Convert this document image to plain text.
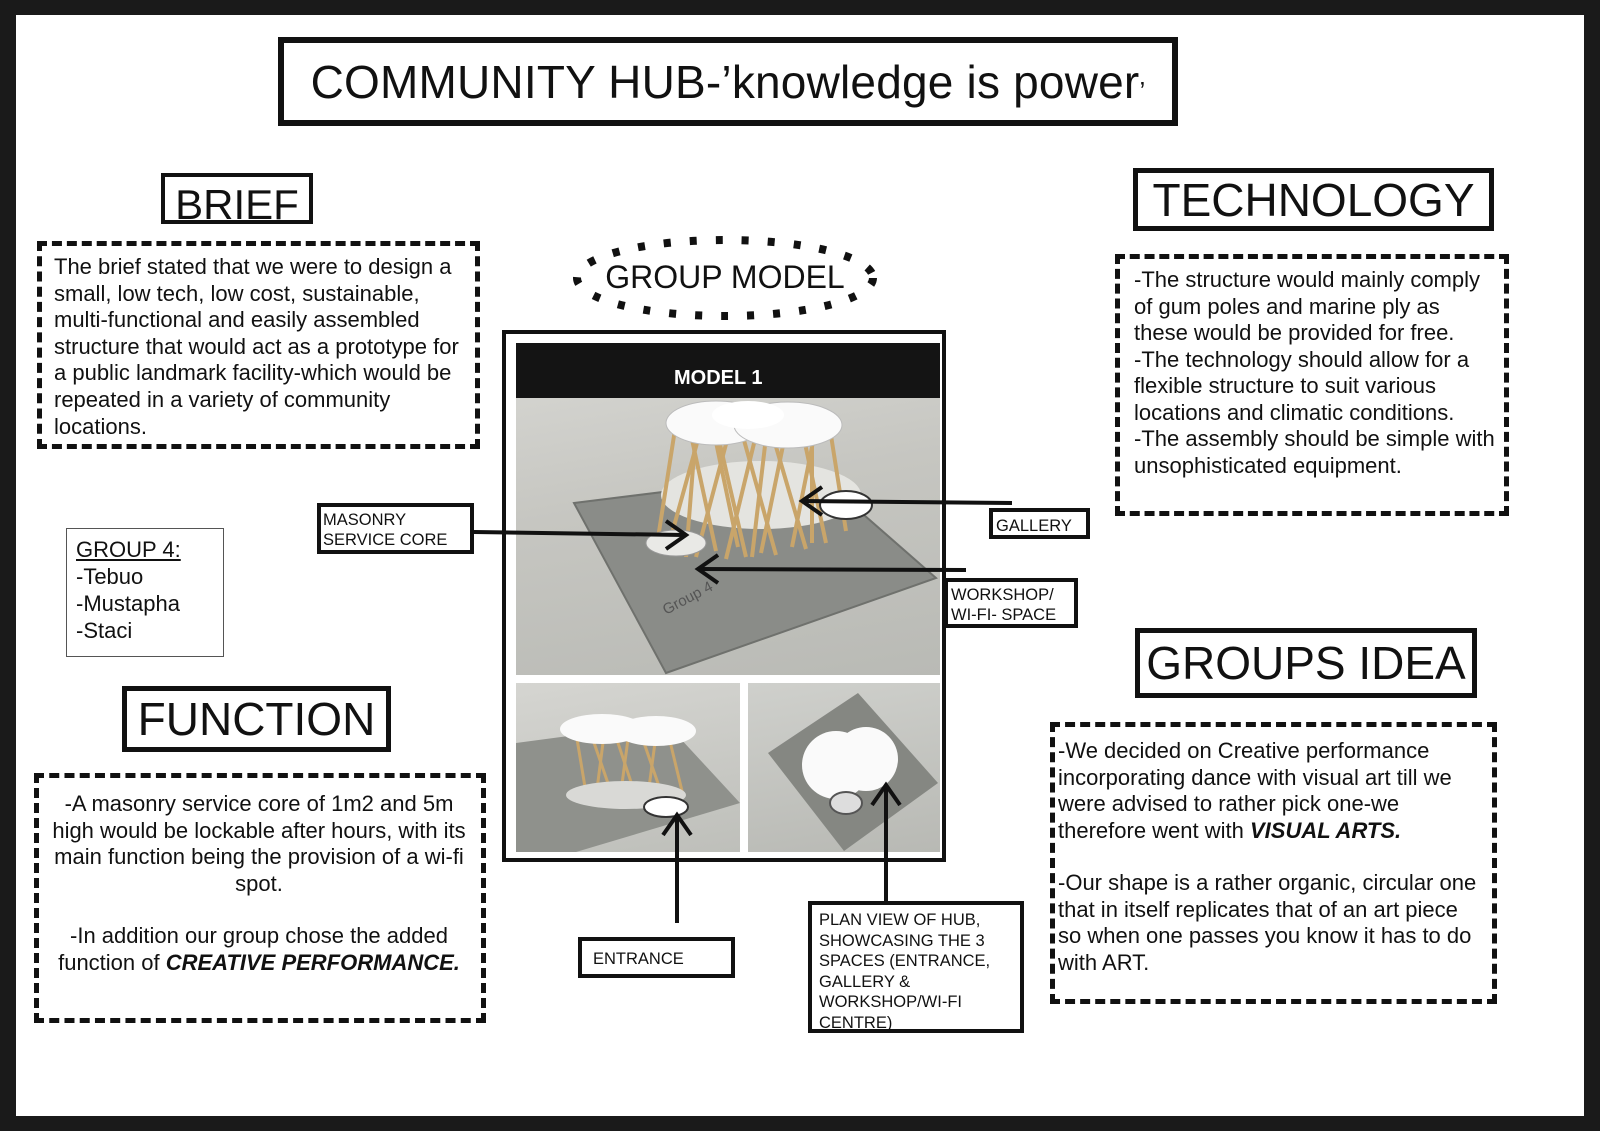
COMMUNITY HUB-’knowledge is power’
BRIEF
The brief stated that we were to design a small, low tech, low cost, sustainable, multi-functional and easily assembled structure that would act as a prototype for a public landmark facility-which would be repeated in a variety of community locations.
GROUP 4:
-Tebuo
-Mustapha
-Staci
FUNCTION
-A masonry service core of 1m2 and 5m high would be lockable after hours, with its main function being the provision of a wi-fi spot.
-In addition our group chose the added function of CREATIVE PERFORMANCE.
GROUP MODEL
MODEL 1
Group 4
MASONRY SERVICE CORE
GALLERY
WORKSHOP/ WI-FI- SPACE
ENTRANCE
PLAN VIEW OF HUB, SHOWCASING THE 3 SPACES (ENTRANCE, GALLERY & WORKSHOP/WI-FI CENTRE)
TECHNOLOGY
-The structure would mainly comply of gum poles and marine ply as these would be provided for free.
-The technology should allow for a flexible structure to suit various locations and climatic conditions.
-The assembly should be simple with unsophisticated equipment.
GROUPS IDEA
-We decided on Creative performance incorporating dance with visual art till we were advised to rather pick one-we therefore went with VISUAL ARTS.
-Our shape is a rather organic, circular one that in itself replicates that of an art piece so when one passes you know it has to do with ART.
